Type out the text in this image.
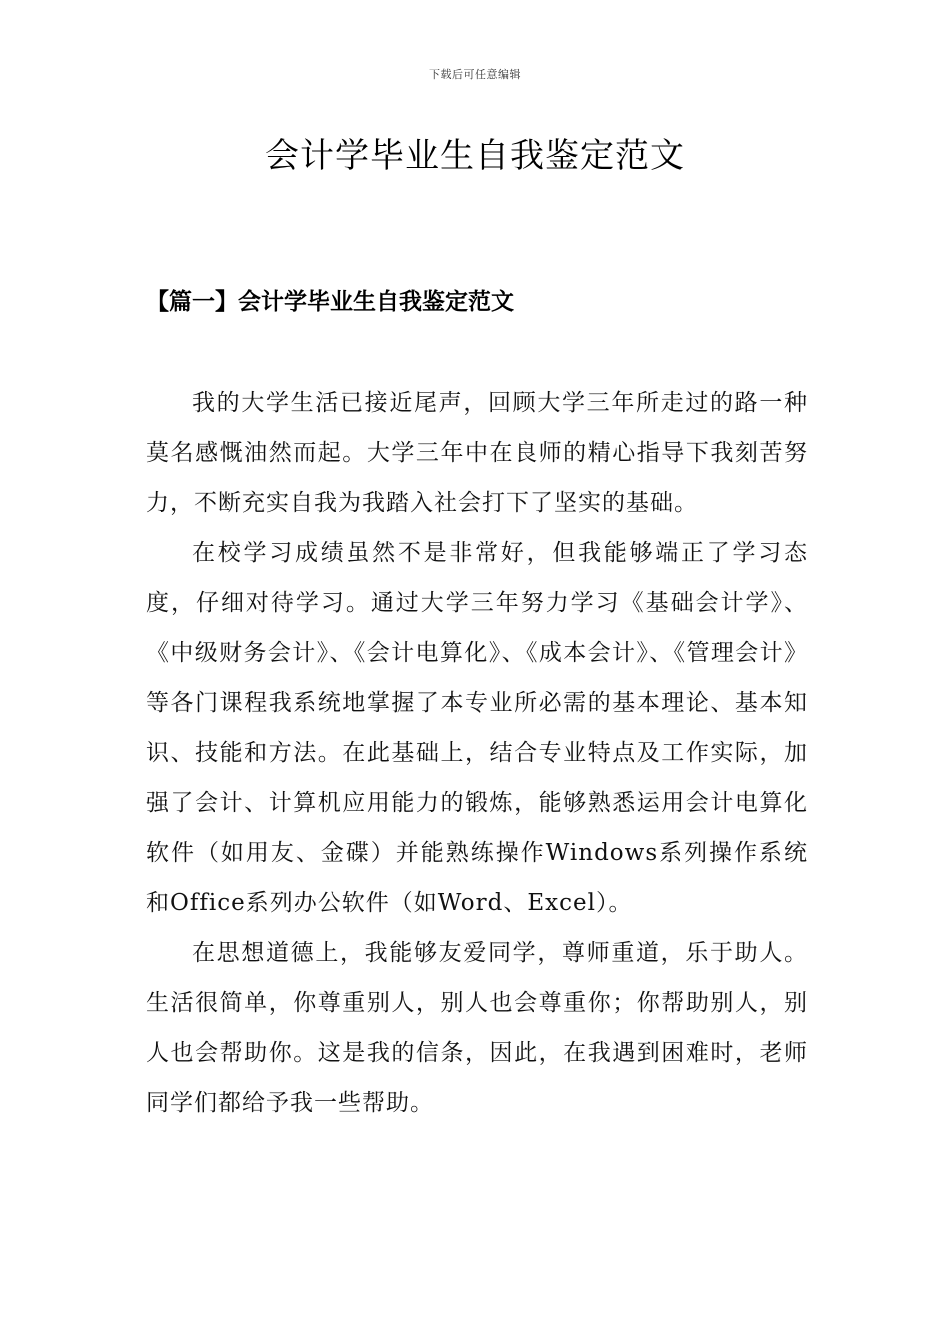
下载后可任意编辑
会计学毕业生自我鉴定范文
【篇一】会计学毕业生自我鉴定范文

我的大学生活已接近尾声，回顾大学三年所走过的路一种莫名感慨油然而起。大学三年中在良师的精心指导下我刻苦努力，不断充实自我为我踏入社会打下了坚实的基础。

在校学习成绩虽然不是非常好，但我能够端正了学习态度，仔细对待学习。通过大学三年努力学习《基础会计学》、《中级财务会计》、《会计电算化》、《成本会计》、《管理会计》等各门课程我系统地掌握了本专业所必需的基本理论、基本知识、技能和方法。在此基础上，结合专业特点及工作实际，加强了会计、计算机应用能力的锻炼，能够熟悉运用会计电算化软件（如用友、金碟）并能熟练操作Windows系列操作系统和Office系列办公软件（如Word、Excel）。

在思想道德上，我能够友爱同学，尊师重道，乐于助人。生活很简单，你尊重别人，别人也会尊重你；你帮助别人，别人也会帮助你。这是我的信条，因此，在我遇到困难时，老师同学们都给予我一些帮助。
